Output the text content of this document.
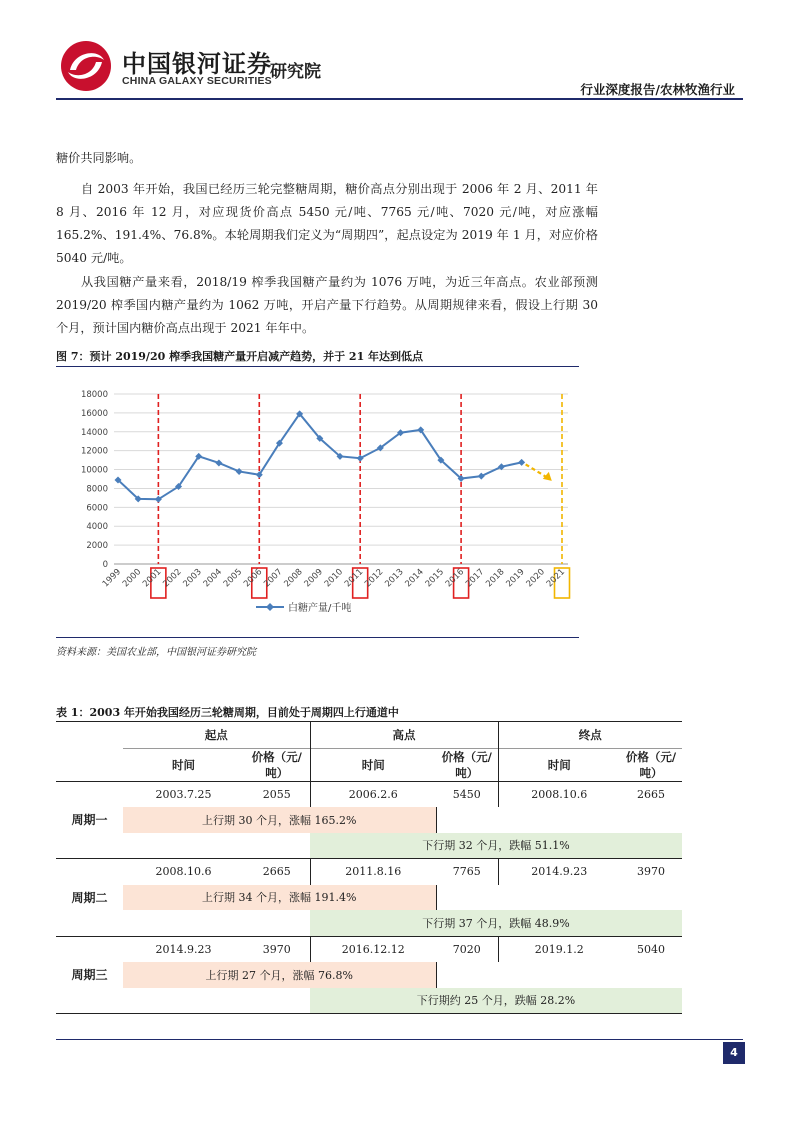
中国银河证券
CHINA GALAXY SECURITIES
研究院
行业深度报告/农林牧渔行业
糖价共同影响。
自 2003 年开始，我国已经历三轮完整糖周期，糖价高点分别出现于 2006 年 2 月、2011 年 8 月、2016 年 12 月，对应现货价高点 5450 元/吨、7765 元/吨、7020 元/吨，对应涨幅 165.2%、191.4%、76.8%。本轮周期我们定义为“周期四”，起点设定为 2019 年 1 月，对应价格 5040 元/吨。
从我国糖产量来看，2018/19 榨季我国糖产量约为 1076 万吨，为近三年高点。农业部预测 2019/20 榨季国内糖产量约为 1062 万吨，开启产量下行趋势。从周期规律来看，假设上行期 30 个月，预计国内糖价高点出现于 2021 年年中。
图 7：预计 2019/20 榨季我国糖产量开启减产趋势，并于 21 年达到低点
0
2000
4000
6000
8000
10000
12000
14000
16000
18000
1999
2000
2001
2002
2003
2004
2005
2006
2007
2008
2009
2010
2011
2012
2013
2014
2015
2016
2017
2018
2019
2020
2021
白糖产量/千吨
资料来源：美国农业部，中国银河证券研究院
表 1：2003 年开始我国经历三轮糖周期，目前处于周期四上行通道中
	起点		高点		终点	
	时间	价格（元/吨）	时间	价格（元/吨）	时间	价格（元/吨）
周期一	2003.7.25	2055	2006.2.6	5450	2008.10.6	2665
	上行期 30 个月，涨幅 165.2%					
			下行期 32 个月，跌幅 51.1%			
周期二	2008.10.6	2665	2011.8.16	7765	2014.9.23	3970
	上行期 34 个月，涨幅 191.4%					
			下行期 37 个月，跌幅 48.9%			
周期三	2014.9.23	3970	2016.12.12	7020	2019.1.2	5040
	上行期 27 个月，涨幅 76.8%					
			下行期约 25 个月，跌幅 28.2%			
4
